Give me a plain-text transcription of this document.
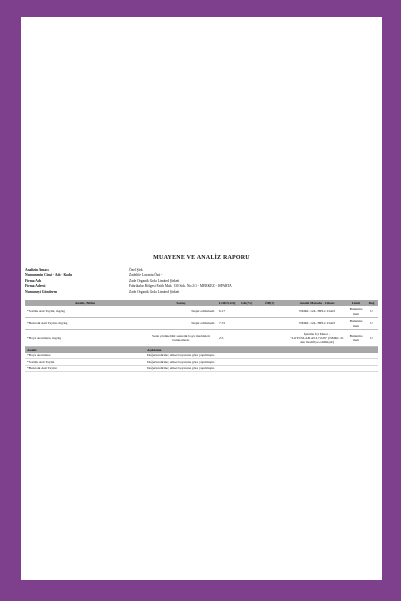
MUAYENE VE ANALİZ RAPORU
Analizin Amacı	Özel Şirk
Numunenin Cinsi - Adı - Kodu	Zadelife Lavanta Özü -
Firma Adı	Zade Organik Gıda Limited Şirketi
Firma Adresi	Fabrikalar Bölgesi Fatih Mah. 130 Sok. No:2/1 - MERKEZ - ISPARTA
Numuneyi Gönderen	Zade Organik Gıda Limited Şirketi
Analiz, Birim	Sonuç	LOD/LOQ	GK(%)	ÖB(±)	Analiz Metodu - Cihazı	Limit	Değ
*Sorbik Asit Tayini, mg/kg	Tespit edilemedi.	6.17			NMKL 124- HPLC DAD	Bulunma malı	U
*Benzoik Asit Tayini, mg/kg	Tespit edilemedi.	7.72			NMKL 124- HPLC DAD	Bulunma malı	U
*Boya Aranması, mg/kg	Suda çözünebilir sentetik boya maddeleri bulunamadı.	2.5			İşletme İçi Metot - "LOTUSLAB.AT.L7.026" (NMKL 31 den modifiye edilmiştir)	Bulunma malı	U
Analiz	Açıklama
*Boya Aranması	Değerlendirme; etiket beyanına göre yapılmıştır.
*Sorbik Asit Tayini	Değerlendirme; etiket beyanına göre yapılmıştır.
*Benzoik Asit Tayini	Değerlendirme; etiket beyanına göre yapılmıştır.
